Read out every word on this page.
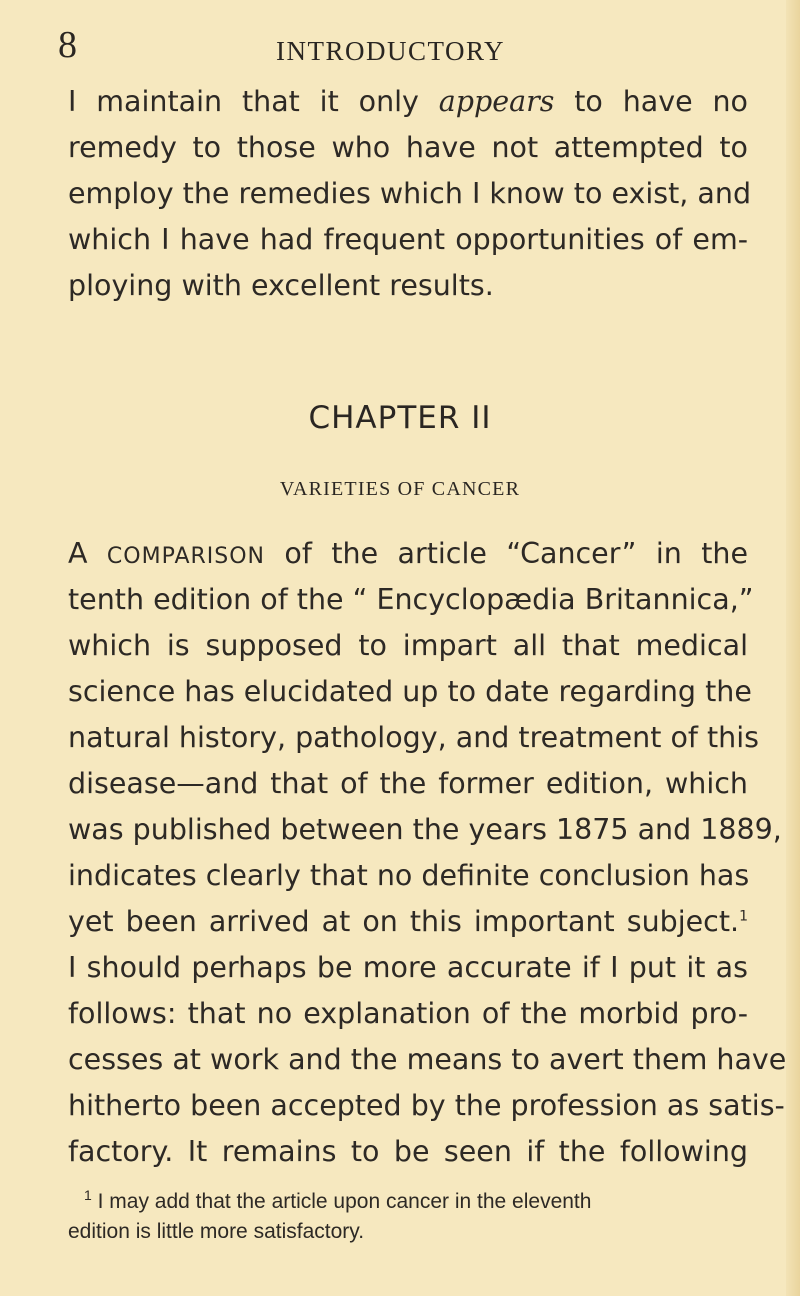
8	INTRODUCTORY
I maintain that it only appears to have no
remedy to those who have not attempted to
employ the remedies which I know to exist, and
which I have had frequent opportunities of em-
ploying with excellent results.
CHAPTER II
VARIETIES OF CANCER
A COMPARISON of the article “Cancer” in the
tenth edition of the “ Encyclopædia Britannica,”
which is supposed to impart all that medical
science has elucidated up to date regarding the
natural history, pathology, and treatment of this
disease—and that of the former edition, which
was published between the years 1875 and 1889,
indicates clearly that no definite conclusion has
yet been arrived at on this important subject.$^1$
I should perhaps be more accurate if I put it as
follows: that no explanation of the morbid pro-
cesses at work and the means to avert them have
hitherto been accepted by the profession as satis-
factory. It remains to be seen if the following
$^1$ I may add that the article upon cancer in the eleventh
edition is little more satisfactory.
